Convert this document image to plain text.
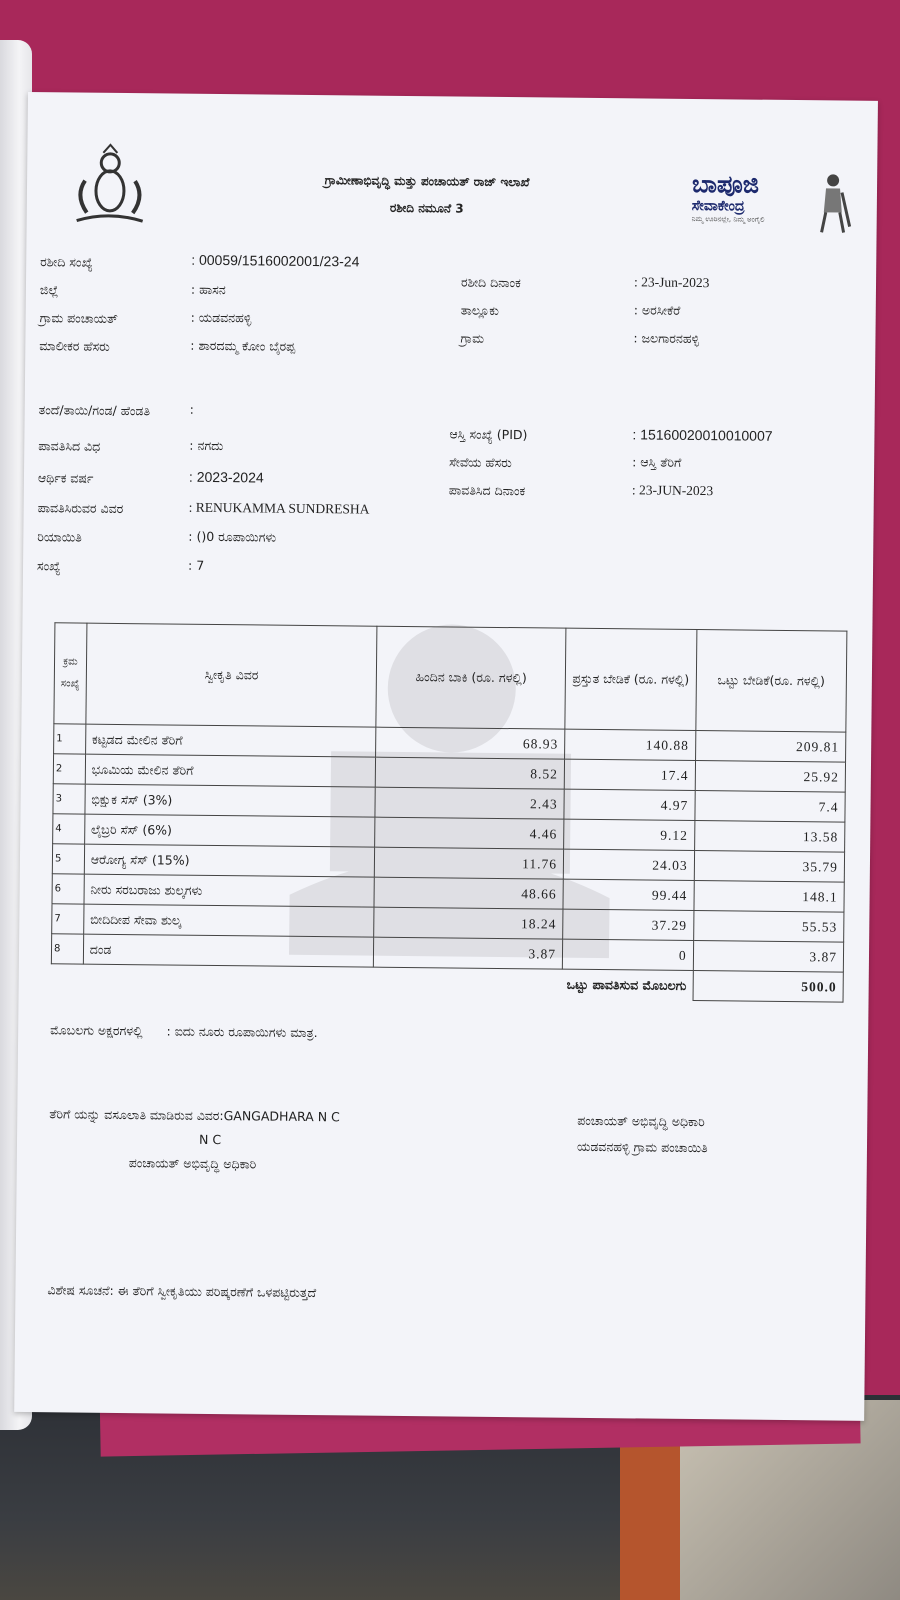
ಗ್ರಾಮೀಣಾಭಿವೃದ್ಧಿ ಮತ್ತು ಪಂಚಾಯತ್ ರಾಜ್ ಇಲಾಖೆ
ರಶೀದಿ ನಮೂನೆ 3
ಬಾಪೂಜಿ
ಸೇವಾಕೇಂದ್ರ
ನಿಮ್ಮ ಊರಿನಲ್ಲೇ, ನಿಮ್ಮ ಅಂಗೈಲಿ
ರಶೀದಿ ಸಂಖ್ಯೆ	: 00059/1516002001/23-24
ಜಿಲ್ಲೆ	: ಹಾಸನ
ಗ್ರಾಮ ಪಂಚಾಯತ್	: ಯಡವನಹಳ್ಳಿ
ಮಾಲೀಕರ ಹೆಸರು	: ಶಾರದಮ್ಮ ಕೋಂ ಬೈರಪ್ಪ
ತಂದೆ/ತಾಯಿ/ಗಂಡ/ ಹೆಂಡತಿ	:
ಪಾವತಿಸಿದ ವಿಧ	: ನಗದು
ಆರ್ಥಿಕ ವರ್ಷ	: 2023-2024
ಪಾವತಿಸಿರುವರ ವಿವರ	: RENUKAMMA SUNDRESHA
ರಿಯಾಯಿತಿ	: ()0 ರೂಪಾಯಿಗಳು
ಸಂಖ್ಯೆ	: 7
ರಶೀದಿ ದಿನಾಂಕ	: 23-Jun-2023
ತಾಲ್ಲೂಕು	: ಅರಸೀಕೆರೆ
ಗ್ರಾಮ	: ಜಲಗಾರನಹಳ್ಳಿ
ಆಸ್ತಿ ಸಂಖ್ಯೆ (PID)	: 15160020010010007
ಸೇವೆಯ ಹೆಸರು	: ಆಸ್ತಿ ತೆರಿಗೆ
ಪಾವತಿಸಿದ ದಿನಾಂಕ	: 23-JUN-2023
ಕ್ರಮ ಸಂಖ್ಯೆ	ಸ್ವೀಕೃತಿ ವಿವರ	ಹಿಂದಿನ ಬಾಕಿ (ರೂ. ಗಳಲ್ಲಿ)	ಪ್ರಸ್ತುತ ಬೇಡಿಕೆ (ರೂ. ಗಳಲ್ಲಿ)	ಒಟ್ಟು ಬೇಡಿಕೆ(ರೂ. ಗಳಲ್ಲಿ)
1	ಕಟ್ಟಡದ ಮೇಲಿನ ತೆರಿಗೆ	68.93	140.88	209.81
2	ಭೂಮಿಯ ಮೇಲಿನ ತೆರಿಗೆ	8.52	17.4	25.92
3	ಭಿಕ್ಷುಕ ಸೆಸ್ (3%)	2.43	4.97	7.4
4	ಲೈಬ್ರರಿ ಸೆಸ್ (6%)	4.46	9.12	13.58
5	ಆರೋಗ್ಯ ಸೆಸ್ (15%)	11.76	24.03	35.79
6	ನೀರು ಸರಬರಾಜು ಶುಲ್ಕಗಳು	48.66	99.44	148.1
7	ಬೀದಿದೀಪ ಸೇವಾ ಶುಲ್ಕ	18.24	37.29	55.53
8	ದಂಡ	3.87	0	3.87
ಒಟ್ಟು ಪಾವತಿಸುವ ಮೊಬಲಗು				500.0
ಮೊಬಲಗು ಅಕ್ಷರಗಳಲ್ಲಿ : ಐದು ನೂರು ರೂಪಾಯಿಗಳು ಮಾತ್ರ.
ತೆರಿಗೆ ಯನ್ನು ವಸೂಲಾತಿ ಮಾಡಿರುವ ವಿವರ:GANGADHARA N C
N C
ಪಂಚಾಯತ್ ಅಭಿವೃದ್ಧಿ ಅಧಿಕಾರಿ
ಪಂಚಾಯತ್ ಅಭಿವೃದ್ಧಿ ಅಧಿಕಾರಿ
ಯಡವನಹಳ್ಳಿ ಗ್ರಾಮ ಪಂಚಾಯಿತಿ
ವಿಶೇಷ ಸೂಚನೆ: ಈ ತೆರಿಗೆ ಸ್ವೀಕೃತಿಯು ಪರಿಷ್ಕರಣೆಗೆ ಒಳಪಟ್ಟಿರುತ್ತದೆ
